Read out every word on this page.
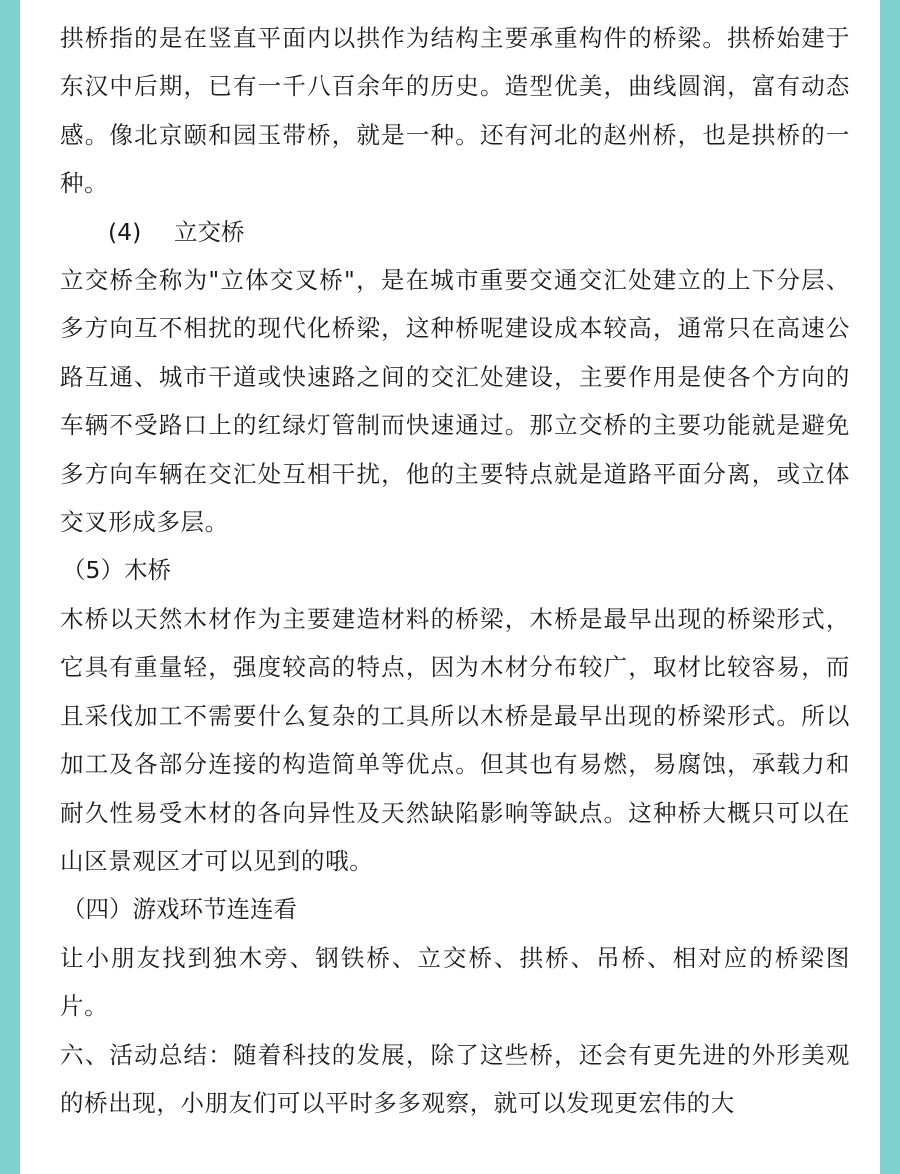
拱桥指的是在竖直平面内以拱作为结构主要承重构件的桥梁。拱桥始建于东汉中后期，已有一千八百余年的历史。造型优美，曲线圆润，富有动态感。像北京颐和园玉带桥，就是一种。还有河北的赵州桥，也是拱桥的一种。

(4) 立交桥

立交桥全称为"立体交叉桥"，是在城市重要交通交汇处建立的上下分层、多方向互不相扰的现代化桥梁，这种桥呢建设成本较高，通常只在高速公路互通、城市干道或快速路之间的交汇处建设，主要作用是使各个方向的车辆不受路口上的红绿灯管制而快速通过。那立交桥的主要功能就是避免多方向车辆在交汇处互相干扰，他的主要特点就是道路平面分离，或立体交叉形成多层。

（5）木桥

木桥以天然木材作为主要建造材料的桥梁，木桥是最早出现的桥梁形式，它具有重量轻，强度较高的特点，因为木材分布较广，取材比较容易，而且采伐加工不需要什么复杂的工具所以木桥是最早出现的桥梁形式。所以加工及各部分连接的构造简单等优点。但其也有易燃，易腐蚀，承载力和耐久性易受木材的各向异性及天然缺陷影响等缺点。这种桥大概只可以在山区景观区才可以见到的哦。

（四）游戏环节连连看

让小朋友找到独木旁、钢铁桥、立交桥、拱桥、吊桥、相对应的桥梁图片。

六、活动总结：随着科技的发展，除了这些桥，还会有更先进的外形美观的桥出现，小朋友们可以平时多多观察，就可以发现更宏伟的大
